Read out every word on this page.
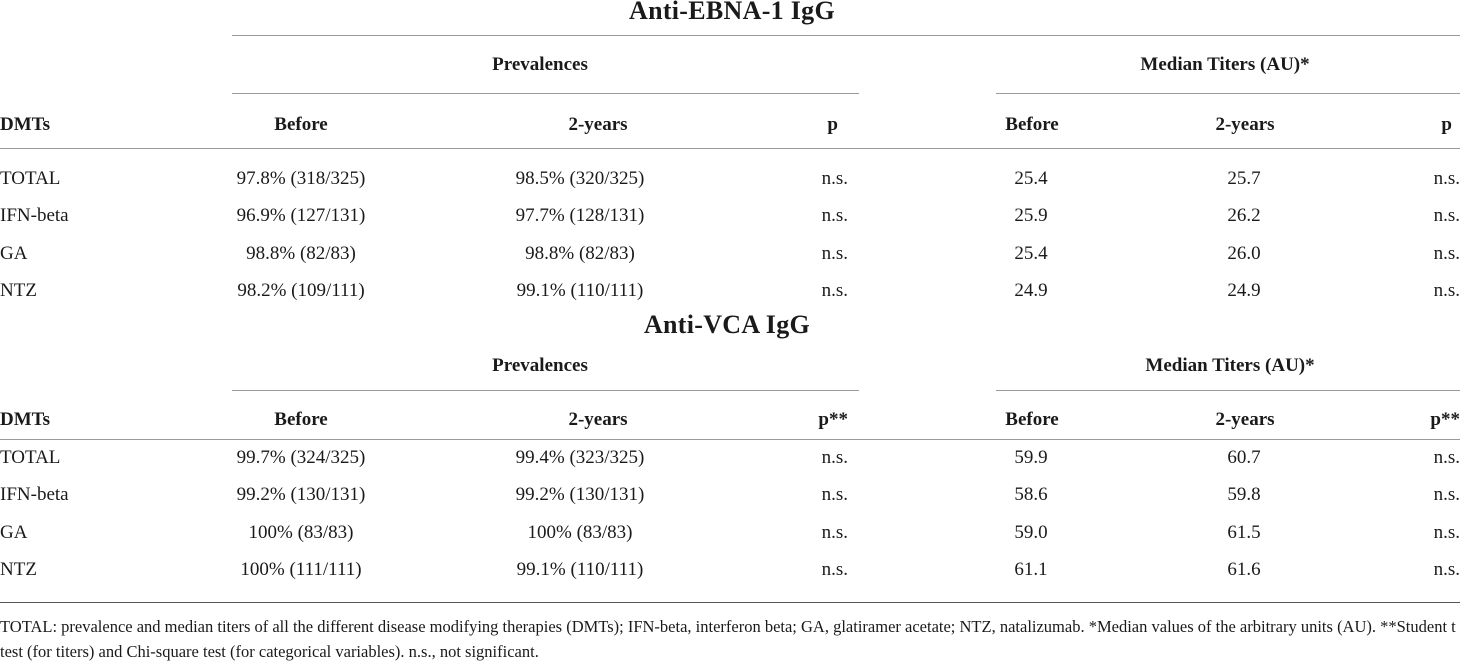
Anti-EBNA-1 IgG
Prevalences	Median Titers (AU)*
DMTs	Before	2-years	p	Before	2-years	p
TOTAL	97.8% (318/325)	98.5% (320/325)	n.s.	25.4	25.7	n.s.
IFN-beta	96.9% (127/131)	97.7% (128/131)	n.s.	25.9	26.2	n.s.
GA	98.8% (82/83)	98.8% (82/83)	n.s.	25.4	26.0	n.s.
NTZ	98.2% (109/111)	99.1% (110/111)	n.s.	24.9	24.9	n.s.
Anti-VCA IgG
Prevalences	Median Titers (AU)*
DMTs	Before	2-years	p**	Before	2-years	p**
TOTAL	99.7% (324/325)	99.4% (323/325)	n.s.	59.9	60.7	n.s.
IFN-beta	99.2% (130/131)	99.2% (130/131)	n.s.	58.6	59.8	n.s.
GA	100% (83/83)	100% (83/83)	n.s.	59.0	61.5	n.s.
NTZ	100% (111/111)	99.1% (110/111)	n.s.	61.1	61.6	n.s.
TOTAL: prevalence and median titers of all the different disease modifying therapies (DMTs); IFN-beta, interferon beta; GA, glatiramer acetate; NTZ, natalizumab. *Median values of the arbitrary units (AU). **Student t test (for titers) and Chi-square test (for categorical variables). n.s., not significant.
